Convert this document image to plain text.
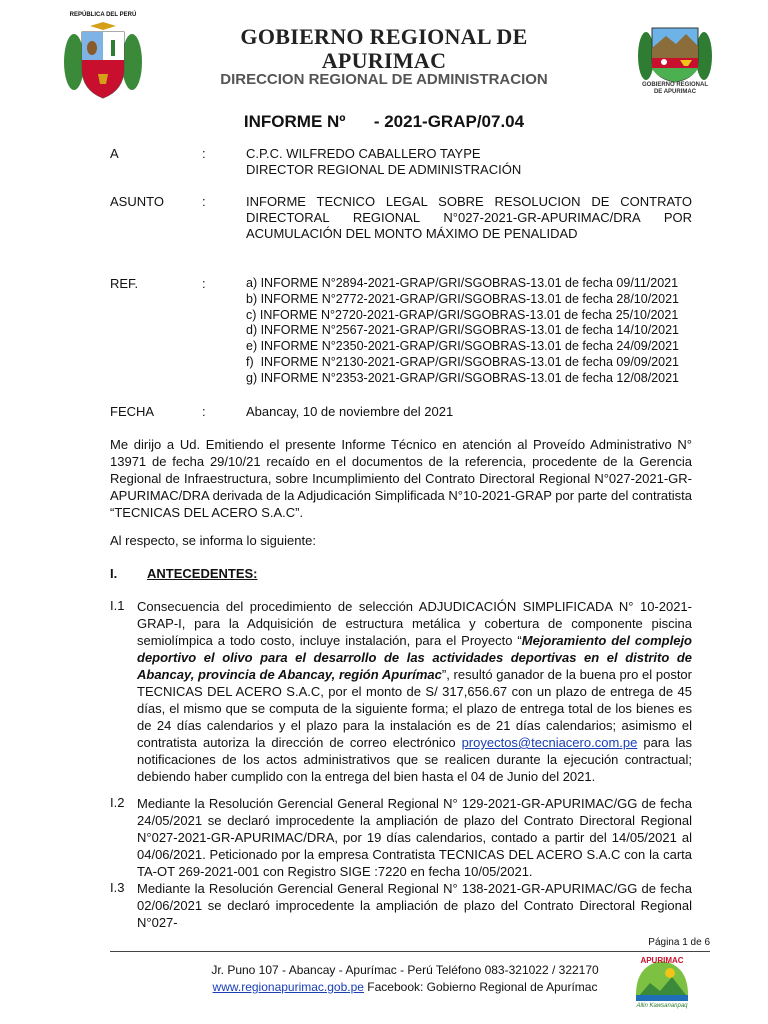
REPÚBLICA DEL PERÚ
GOBIERNO REGIONAL
DE APURIMAC
GOBIERNO REGIONAL DE
APURIMAC
DIRECCION REGIONAL DE ADMINISTRACION
INFORME Nº      - 2021-GRAP/07.04
A	:	C.P.C. WILFREDO CABALLERO TAYPE
DIRECTOR REGIONAL DE ADMINISTRACIÓN
ASUNTO	:	INFORME TECNICO LEGAL SOBRE RESOLUCION DE CONTRATO
DIRECTORAL REGIONAL N°027-2021-GR-APURIMAC/DRA POR
ACUMULACIÓN DEL MONTO MÁXIMO DE PENALIDAD
REF.	:	a) INFORME N°2894-2021-GRAP/GRI/SGOBRAS-13.01 de fecha 09/11/2021
b) INFORME N°2772-2021-GRAP/GRI/SGOBRAS-13.01 de fecha 28/10/2021
c) INFORME N°2720-2021-GRAP/GRI/SGOBRAS-13.01 de fecha 25/10/2021
d) INFORME N°2567-2021-GRAP/GRI/SGOBRAS-13.01 de fecha 14/10/2021
e) INFORME N°2350-2021-GRAP/GRI/SGOBRAS-13.01 de fecha 24/09/2021
f)  INFORME N°2130-2021-GRAP/GRI/SGOBRAS-13.01 de fecha 09/09/2021
g) INFORME N°2353-2021-GRAP/GRI/SGOBRAS-13.01 de fecha 12/08/2021
FECHA	:	Abancay, 10 de noviembre del 2021
Me dirijo a Ud. Emitiendo el presente Informe Técnico en atención al Proveído Administrativo N° 13971 de fecha 29/10/21 recaído en el documentos de la referencia, procedente de la Gerencia Regional de Infraestructura, sobre Incumplimiento del Contrato Directoral Regional N°027-2021-GR-APURIMAC/DRA derivada de la Adjudicación Simplificada N°10-2021-GRAP por parte del contratista “TECNICAS DEL ACERO S.A.C”.
Al respecto, se informa lo siguiente:
I. ANTECEDENTES:
I.1 Consecuencia del procedimiento de selección ADJUDICACIÓN SIMPLIFICADA N° 10-2021-GRAP-I, para la Adquisición de estructura metálica y cobertura de componente piscina semiolímpica a todo costo, incluye instalación, para el Proyecto “Mejoramiento del complejo deportivo el olivo para el desarrollo de las actividades deportivas en el distrito de Abancay, provincia de Abancay, región Apurímac”, resultó ganador de la buena pro el postor TECNICAS DEL ACERO S.A.C, por el monto de S/ 317,656.67 con un plazo de entrega de 45 días, el mismo que se computa de la siguiente forma; el plazo de entrega total de los bienes es de 24 días calendarios y el plazo para la instalación es de 21 días calendarios; asimismo el contratista autoriza la dirección de correo electrónico proyectos@tecniacero.com.pe para las notificaciones de los actos administrativos que se realicen durante la ejecución contractual; debiendo haber cumplido con la entrega del bien hasta el 04 de Junio del 2021.
I.2 Mediante la Resolución Gerencial General Regional N° 129-2021-GR-APURIMAC/GG de fecha 24/05/2021 se declaró improcedente la ampliación de plazo del Contrato Directoral Regional N°027-2021-GR-APURIMAC/DRA, por 19 días calendarios, contado a partir del 14/05/2021 al 04/06/2021. Peticionado por la empresa Contratista TECNICAS DEL ACERO S.A.C con la carta TA-OT 269-2021-001 con Registro SIGE :7220 en fecha 10/05/2021.
I.3 Mediante la Resolución Gerencial General Regional N° 138-2021-GR-APURIMAC/GG de fecha 02/06/2021 se declaró improcedente la ampliación de plazo del Contrato Directoral Regional N°027-
Página 1 de 6
Jr. Puno 107 - Abancay - Apurímac - Perú Teléfono 083-321022 / 322170
www.regionapurimac.gob.pe Facebook: Gobierno Regional de Apurímac
APURIMAC
Allin Kawsananpaq
